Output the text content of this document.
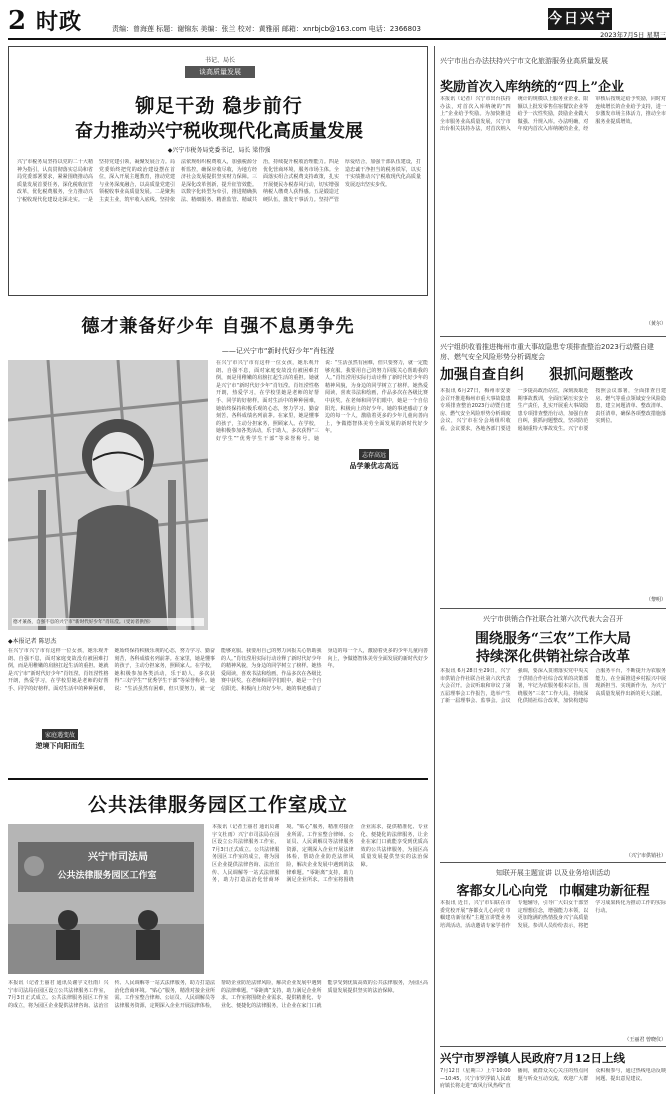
2 时政	责编：曾海莲 标题：谢锦东 美编：张兰 校对：黄雅丽 邮箱：xnrbjcb@163.com 电话：2366803
今日兴宁
2023年7月5日 星期三
书记、局长
谈高质量发展
铆足干劲 稳步前行
奋力推动兴宁税收现代化高质量发展
◆兴宁市税务局党委书记、局长 梁伟强
兴宁市税务局坚持以党的二十大精神为指引，认真贯彻落实总局和省局党委部署要求，紧紧围绕推动高质量发展首要任务，深化税收征管改革，优化税费服务，全力推动兴宁税收现代化建设走深走实。一是坚持党建引领，凝聚发展合力。局党委始终把党的政治建设摆在首位，深入开展主题教育，推动党建与业务深度融合，以高质量党建引领税收事业高质量发展。二是聚焦主责主业，筑牢收入底线。坚持依法依规组织税费收入，加强税源分析监控，确保应收尽收，为地方经济社会发展提供坚实财力保障。三是深化改革创新，提升征管效能。以数字化转型为牵引，推进精确执法、精细服务、精准监管、精诚共治，持续提升税收治理能力。四是优化营商环境，服务市场主体。全面落实组合式税费支持政策，扎实开展便民办税春风行动，切实增强纳税人缴费人获得感。五是锻造过硬队伍，激发干事活力。坚持严管厚爱结合，加强干部队伍建设，打造忠诚干净担当的税务铁军，以实干实绩推动兴宁税收现代化高质量发展迈出坚实步伐。
德才兼备好少年 自强不息勇争先
——记兴宁市“新时代好少年”肖钰滢
德才兼备，自强不息的兴宁市“新时代好少年”肖钰滢。（受访者供图）
在兴宁市兴宁市有这样一位女孩，她乐观开朗、自强不息，面对家庭变故没有被困难打倒，而是用稚嫩的肩膀扛起生活的重担。她就是兴宁市“新时代好少年”肖钰滢。肖钰滢性格开朗，热爱学习，在学校里她是老师的好帮手、同学的好榜样。面对生活中的种种困难，她始终保持积极乐观的心态，努力学习、勤奋刻苦，各科成绩名列前茅。在家里，她是懂事的孩子，主动分担家务，照顾家人。在学校，她积极参加各类活动，乐于助人，多次获得“三好学生”“优秀学生干部”等荣誉称号。她说：“生活虽然有困难，但只要努力，就一定能够克服。我要用自己的努力回报关心帮助我的人。”肖钰滢用实际行动诠释了新时代好少年的精神风貌，为身边的同学树立了榜样。她热爱阅读，喜欢书法和绘画，作品多次在各级比赛中获奖。在老师和同学们眼中，她是一个自信阳光、积极向上的好少年。她的事迹感动了身边的每一个人，激励着更多的少年儿童向善向上，争做德智体美劳全面发展的新时代好少年。
志存高远
品学兼优志高远
◆本报记者 陈思杰
在兴宁市兴宁市有这样一位女孩，她乐观开朗、自强不息，面对家庭变故没有被困难打倒，而是用稚嫩的肩膀扛起生活的重担。她就是兴宁市“新时代好少年”肖钰滢。肖钰滢性格开朗，热爱学习，在学校里她是老师的好帮手、同学的好榜样。面对生活中的种种困难，她始终保持积极乐观的心态，努力学习、勤奋刻苦，各科成绩名列前茅。在家里，她是懂事的孩子，主动分担家务，照顾家人。在学校，她积极参加各类活动，乐于助人，多次获得“三好学生”“优秀学生干部”等荣誉称号。她说：“生活虽然有困难，但只要努力，就一定能够克服。我要用自己的努力回报关心帮助我的人。”肖钰滢用实际行动诠释了新时代好少年的精神风貌，为身边的同学树立了榜样。她热爱阅读，喜欢书法和绘画，作品多次在各级比赛中获奖。在老师和同学们眼中，她是一个自信阳光、积极向上的好少年。她的事迹感动了身边的每一个人，激励着更多的少年儿童向善向上，争做德智体美劳全面发展的新时代好少年。
家庭遇变故
逆境下向阳而生
公共法律服务园区工作室成立
兴宁市司法局
公共法律服务园区工作室
本报讯（记者王丽君 通讯员谢宇文杜雨）兴宁市司法局在园区设立公共法律服务工作室，7月3日正式成立。公共法律服务园区工作室的成立，将为园区企业提供法律咨询、法治宣传、人民调解等一站式法律服务，助力打造法治化营商环境。“贴心”服务，精准对接企业所需。工作室整合律师、公证员、人民调解员等法律服务资源，定期深入企业开展法律体检，帮助企业防范法律风险，解决企业发展中遇到的法律难题。“零距离”支持，助力满足企业所求。工作室将围绕企业需求，提供精准化、专业化、便捷化的法律服务，让企业在家门口就能享受到优质高效的公共法律服务，为园区高质量发展提供坚实的法治保障。
本报讯（记者王丽君 通讯员谢宇文杜雨）兴宁市司法局在园区设立公共法律服务工作室，7月3日正式成立。公共法律服务园区工作室的成立，将为园区企业提供法律咨询、法治宣传、人民调解等一站式法律服务，助力打造法治化营商环境。“贴心”服务，精准对接企业所需。工作室整合律师、公证员、人民调解员等法律服务资源，定期深入企业开展法律体检，帮助企业防范法律风险，解决企业发展中遇到的法律难题。“零距离”支持，助力满足企业所求。工作室将围绕企业需求，提供精准化、专业化、便捷化的法律服务，让企业在家门口就能享受到优质高效的公共法律服务，为园区高质量发展提供坚实的法治保障。
兴宁市出台办法扶持兴宁市文化旅游服务业高质量发展
奖励首次入库纳统的“四上”企业
本报讯（记者）兴宁市出台扶持办法，对首次入库纳统的“四上”企业给予奖励。为加快推进全市服务业高质量发展，兴宁市出台相关扶持办法，对首次纳入统计的规模以上服务业企业、限额以上批发零售住宿餐饮企业等给予一次性奖励，鼓励企业做大做强、升规入库。办法明确，对年度内首次入库纳统的企业，经审核后按规定给予奖励，同时对连续增长的企业给予支持，进一步激发市场主体活力，推动全市服务业提质增效。
（黄尔）
兴宁组织收看推进梅州市重大事故隐患专项排查整治2023行动暨自建房、燃气安全风险形势分析调度会
加强自查自纠 狠抓问题整改
本报讯 6月27日，梅州市安委会召开推进梅州市重大事故隐患专项排查整治2023行动暨自建房、燃气安全风险形势分析调度会议，兴宁市在分会场组织收看。会议要求，各地各部门要进一步提高政治站位，深刻汲取近期事故教训，全面压紧压实安全生产责任，扎实开展重大事故隐患专项排查整治行动，加强自查自纠，狠抓问题整改，坚决防范遏制重特大事故发生。兴宁市要按照会议部署，全面排查自建房、燃气等重点领域安全风险隐患，建立问题清单、整改清单、责任清单，确保各项整改措施落实到位。
（黎明）
兴宁市供销合作社联合社第六次代表大会召开
围绕服务“三农”工作大局
持续深化供销社综合改革
本报讯 6月28日至29日，兴宁市供销合作社联合社第六次代表大会召开。会议听取和审议了第五届理事会工作报告，选举产生了新一届理事会、监事会。会议强调，要深入贯彻落实党中央关于供销合作社综合改革的决策部署，牢记为农服务根本宗旨，围绕服务“三农”工作大局，持续深化供销社综合改革，加快构建综合服务平台，不断提升为农服务能力，在全面推进乡村振兴中展现新担当、实现新作为，为兴宁高质量发展作出新的更大贡献。
（兴宁市供销社）
知联开展主题宣讲 以及业务培训活动
客都女儿心向党 巾帼建功新征程
本报讯 近日，兴宁市妇联在市委党校开展“客都女儿心向党 巾帼建功新征程”主题宣讲暨业务培训活动。活动邀请专家学者作专题辅导，引导广大妇女干部坚定理想信念，增强能力本领，以更加饱满的热情投身兴宁高质量发展。参训人员纷纷表示，将把学习成果转化为推动工作的实际行动。
（王丽君 曾晓仪）
兴宁市罗浮镇人民政府7月12日上线
7月12日（星期三）上午10:00—10:45，兴宁市罗浮镇人民政府镇长将走进“政风行风热线”直播间，就群众关心关注的热点问题与听众互动交流，欢迎广大群众积极参与，通过热线电话反映问题、提出意见建议。
